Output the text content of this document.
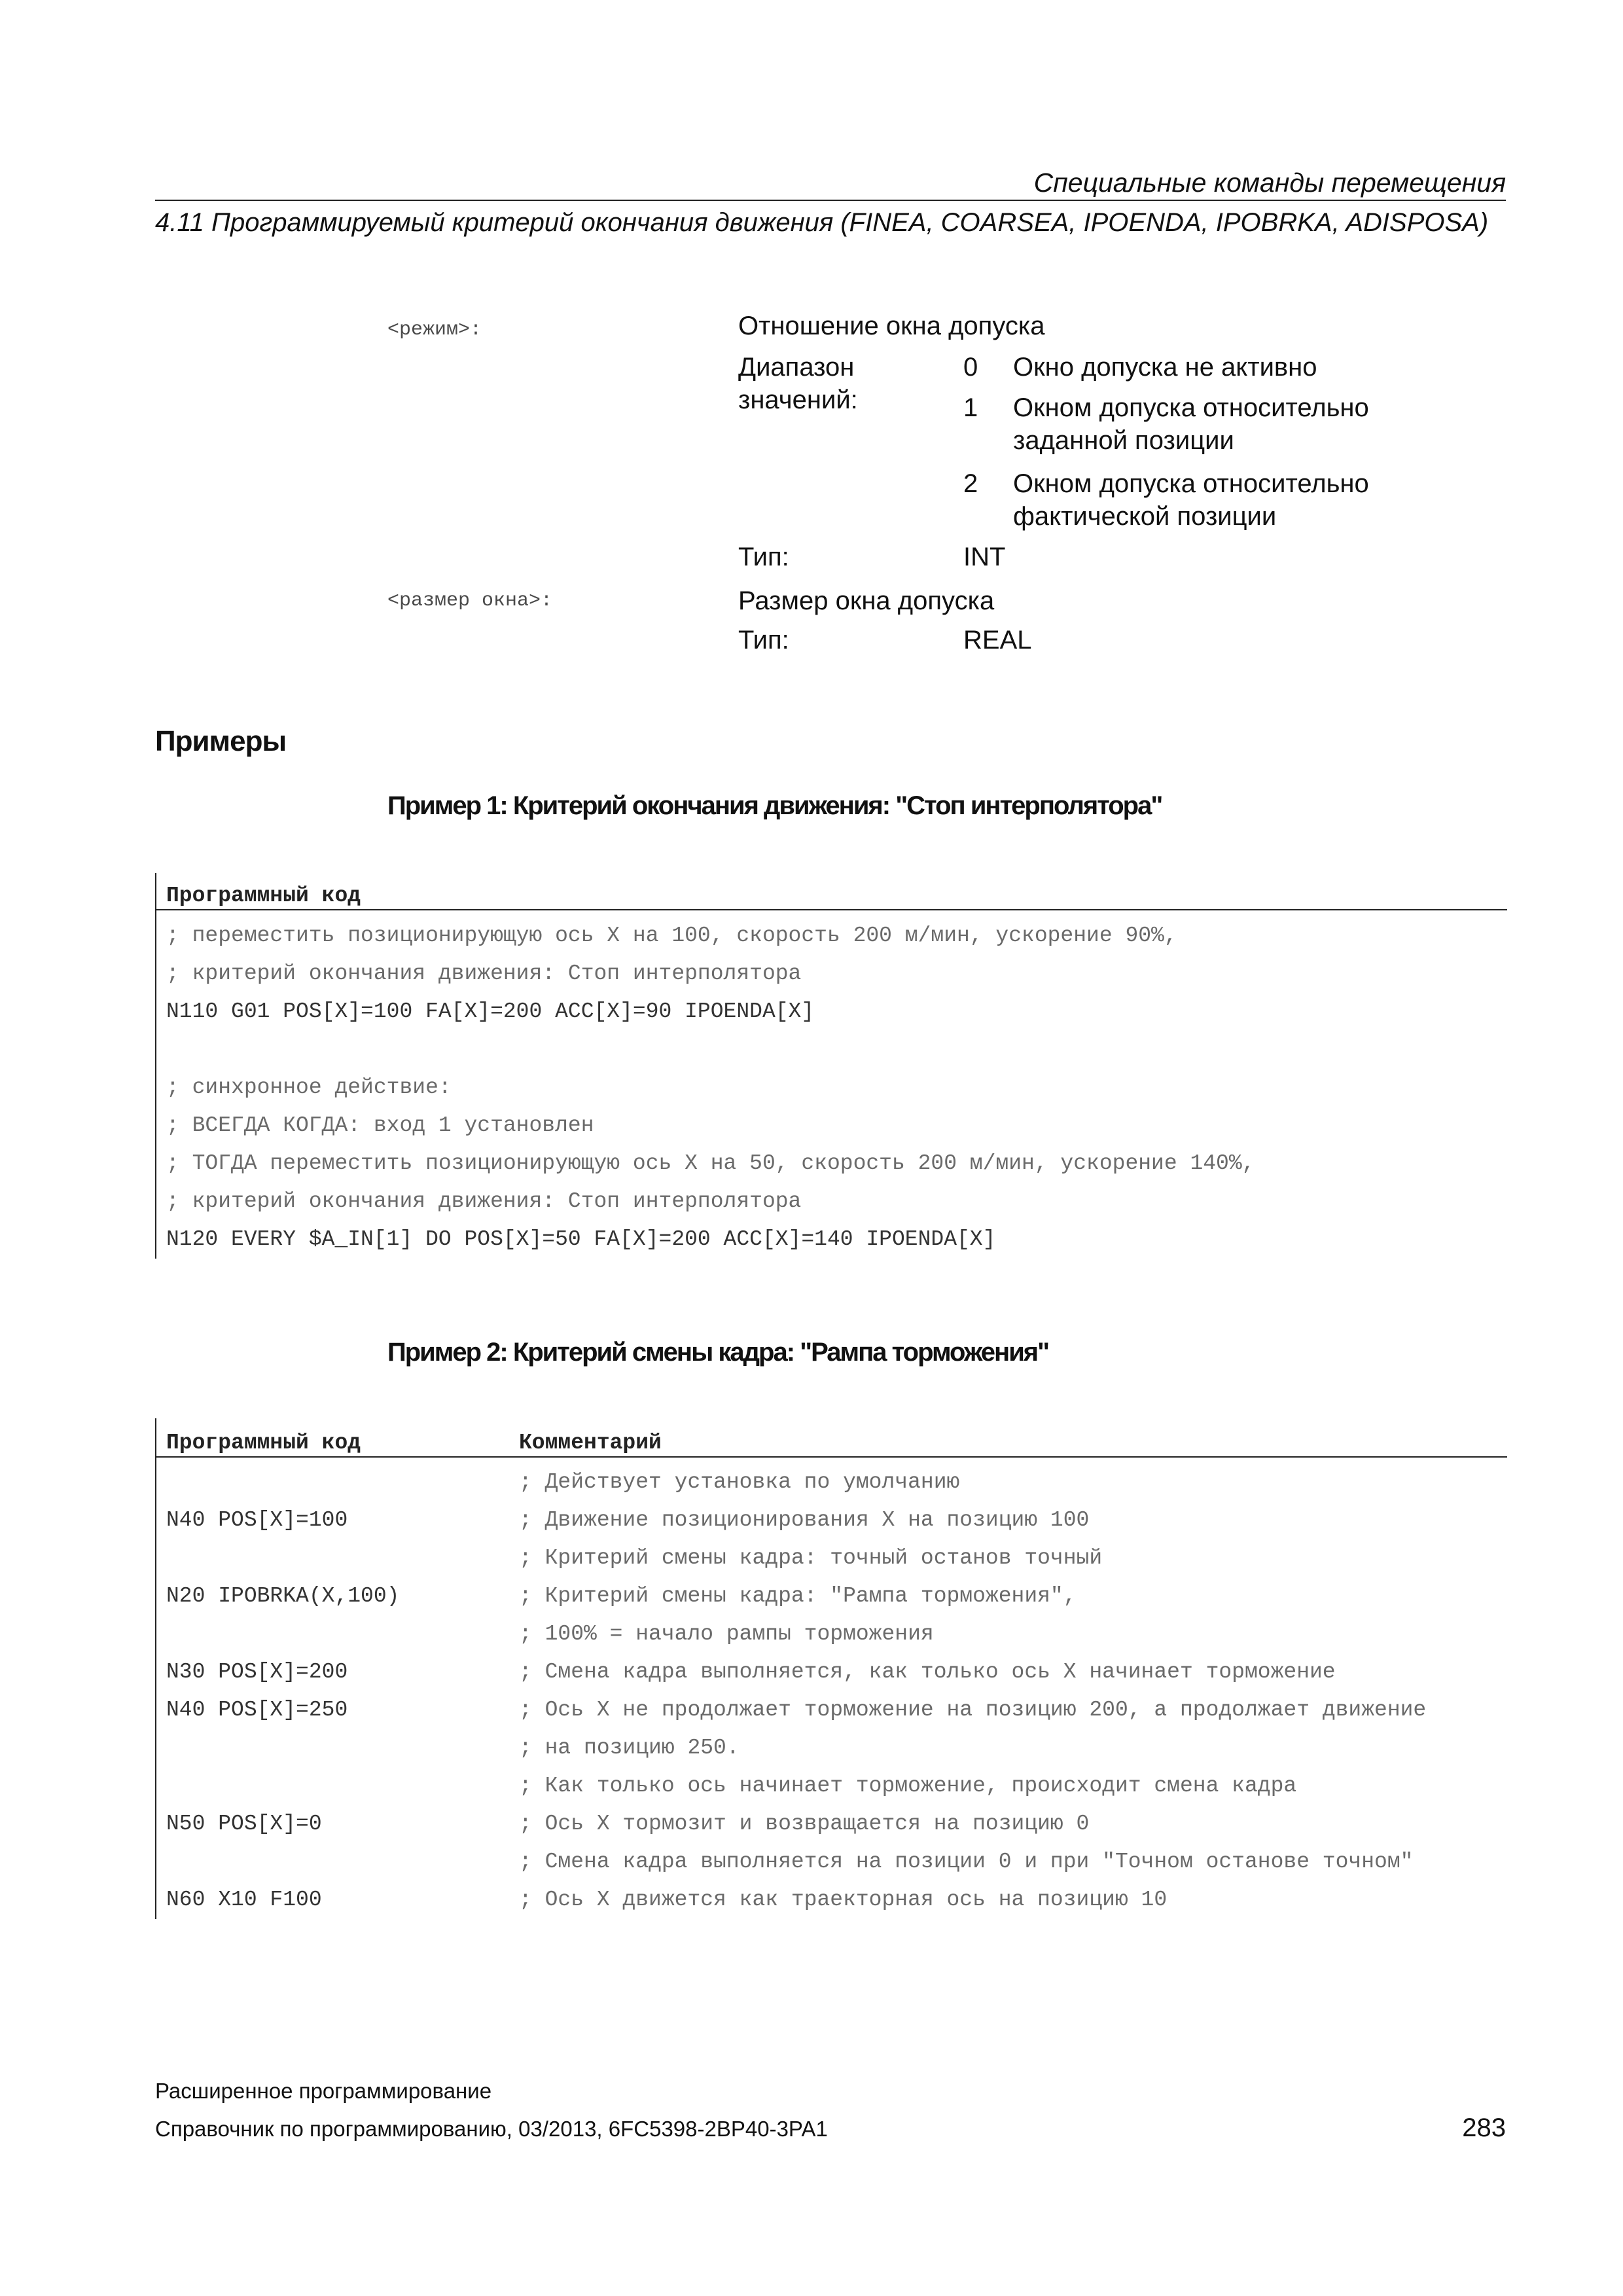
Специальные команды перемещения
4.11 Программируемый критерий окончания движения (FINEA, COARSEA, IPOENDA, IPOBRKA, ADISPOSA)
<режим>:	Отношение окна допуска
Диапазон значений:
0 Окно допуска не активно
1 Окном допуска относительно заданной позиции
2 Окном допуска относительно фактической позиции
Тип:	INT
<размер окна>:	Размер окна допуска
Тип:	REAL
Примеры
Пример 1: Критерий окончания движения: "Стоп интерполятора"
Программный код
; переместить позиционирующую ось X на 100, скорость 200 м/мин, ускорение 90%,
; критерий окончания движения: Стоп интерполятора
N110 G01 POS[X]=100 FA[X]=200 ACC[X]=90 IPOENDA[X]
; синхронное действие:
; ВСЕГДА КОГДА: вход 1 установлен
; ТОГДА переместить позиционирующую ось X на 50, скорость 200 м/мин, ускорение 140%,
; критерий окончания движения: Стоп интерполятора
N120 EVERY $A_IN[1] DO POS[X]=50 FA[X]=200 ACC[X]=140 IPOENDA[X]
Пример 2: Критерий смены кадра: "Рампа торможения"
Программный код	Комментарий
; Действует установка по умолчанию
N40 POS[X]=100	; Движение позиционирования X на позицию 100
; Критерий смены кадра: точный останов точный
N20 IPOBRKA(X,100)	; Критерий смены кадра: "Рампа торможения",
; 100% = начало рампы торможения
N30 POS[X]=200	; Смена кадра выполняется, как только ось X начинает торможение
N40 POS[X]=250	; Ось X не продолжает торможение на позицию 200, а продолжает движение
; на позицию 250.
; Как только ось начинает торможение, происходит смена кадра
N50 POS[X]=0	; Ось X тормозит и возвращается на позицию 0
; Смена кадра выполняется на позиции 0 и при "Точном останове точном"
N60 X10 F100	; Ось X движется как траекторная ось на позицию 10
Расширенное программирование
Справочник по программированию, 03/2013, 6FC5398-2BP40-3PA1	283
